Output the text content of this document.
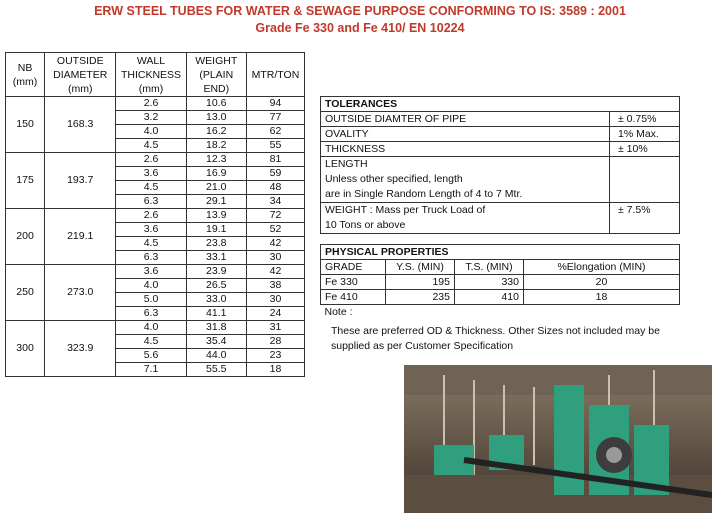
ERW STEEL TUBES FOR WATER & SEWAGE PURPOSE CONFORMING TO IS: 3589 : 2001
Grade Fe 330 and Fe 410/ EN 10224
NB (mm)	OUTSIDE DIAMETER (mm)	WALL THICKNESS (mm)	WEIGHT (PLAIN END)	MTR/TON
150	168.3	2.6	10.6	94
		3.2	13.0	77
		4.0	16.2	62
		4.5	18.2	55
175	193.7	2.6	12.3	81
		3.6	16.9	59
		4.5	21.0	48
		6.3	29.1	34
200	219.1	2.6	13.9	72
		3.6	19.1	52
		4.5	23.8	42
		6.3	33.1	30
250	273.0	3.6	23.9	42
		4.0	26.5	38
		5.0	33.0	30
		6.3	41.1	24
300	323.9	4.0	31.8	31
		4.5	35.4	28
		5.6	44.0	23
		7.1	55.5	18
TOLERANCES	
OUTSIDE DIAMTER OF PIPE	± 0.75%
OVALITY	1% Max.
THICKNESS	± 10%

LENGTH
Unless other specified, length
are in Single Random Length of 4 to 7 Mtr.	

WEIGHT : Mass per Truck Load of
10 Tons or above	± 7.5%
PHYSICAL PROPERTIES			
GRADE	Y.S. (MIN)	T.S. (MIN)	%Elongation (MIN)
Fe 330	195	330	20
Fe 410	235	410	18
Note :			
These are preferred OD & Thickness. Other Sizes not included may be supplied as per Customer Specification
